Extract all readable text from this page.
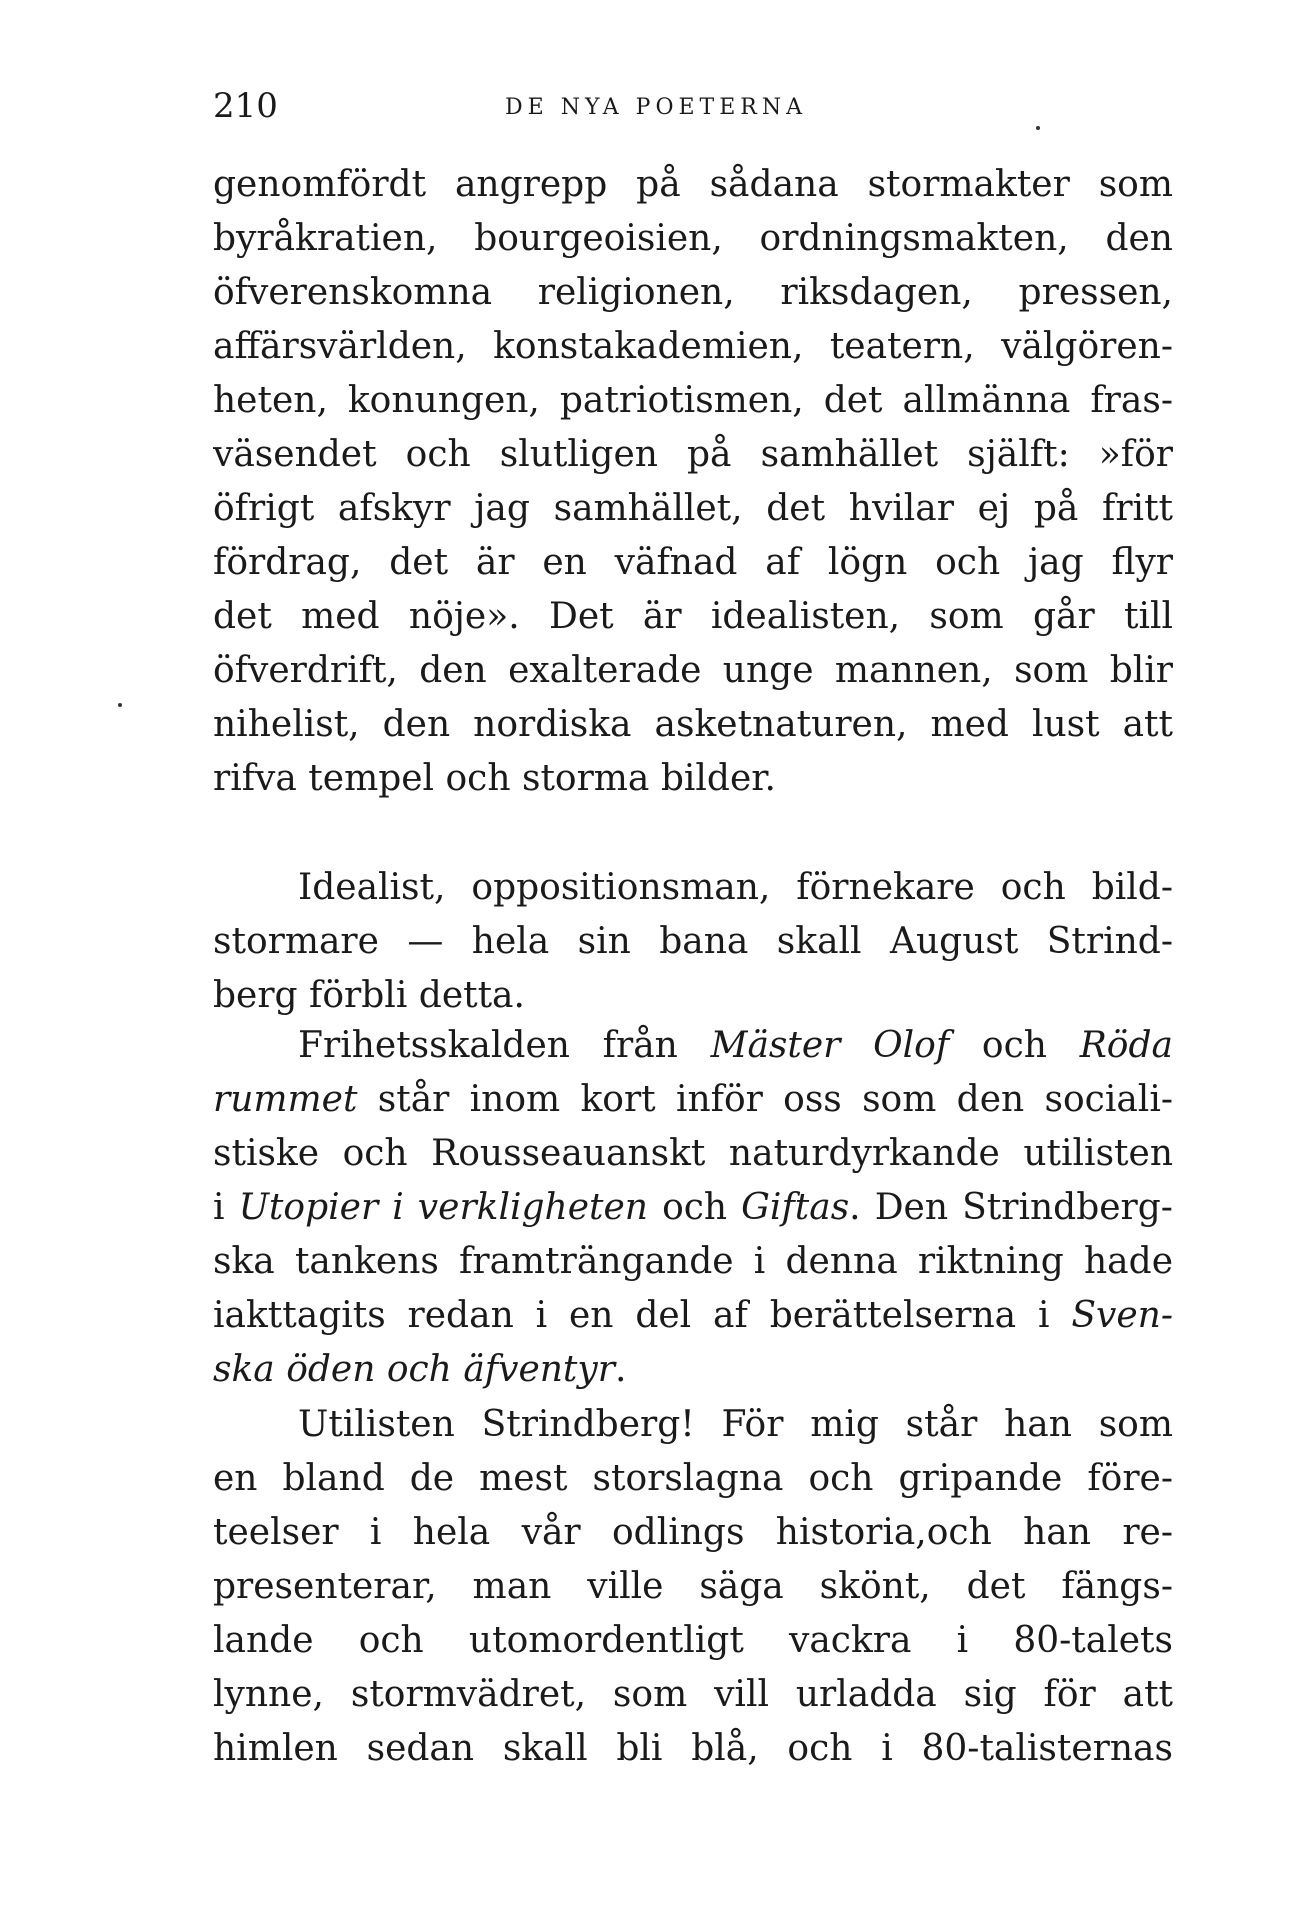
210	DE NYA POETERNA
genomfördt angrepp på sådana stormakter som
byråkratien, bourgeoisien, ordningsmakten, den
öfverenskomna religionen, riksdagen, pressen,
affärsvärlden, konstakademien, teatern, välgören-
heten, konungen, patriotismen, det allmänna fras-
väsendet och slutligen på samhället själft: »för
öfrigt afskyr jag samhället, det hvilar ej på fritt
fördrag, det är en väfnad af lögn och jag flyr
det med nöje». Det är idealisten, som går till
öfverdrift, den exalterade unge mannen, som blir
nihelist, den nordiska asketnaturen, med lust att
rifva tempel och storma bilder.
Idealist, oppositionsman, förnekare och bild-
stormare — hela sin bana skall August Strind-
berg förbli detta.
Frihetsskalden från Mäster Olof och Röda
rummet står inom kort inför oss som den sociali-
stiske och Rousseauanskt naturdyrkande utilisten
i Utopier i verkligheten och Giftas. Den Strindberg-
ska tankens framträngande i denna riktning hade
iakttagits redan i en del af berättelserna i Sven-
ska öden och äfventyr.
Utilisten Strindberg! För mig står han som
en bland de mest storslagna och gripande före-
teelser i hela vår odlings historia,och han re-
presenterar, man ville säga skönt, det fängs-
lande och utomordentligt vackra i 80-talets
lynne, stormvädret, som vill urladda sig för att
himlen sedan skall bli blå, och i 80-talisternas
